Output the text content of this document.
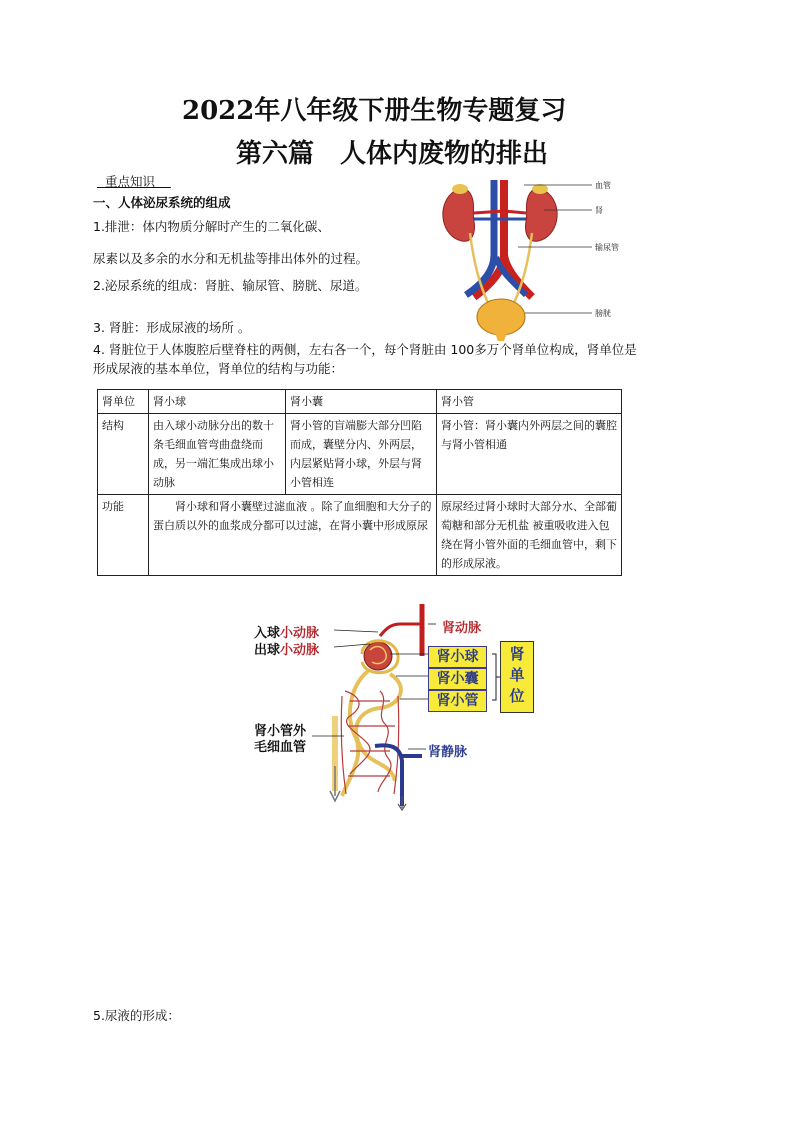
2022年八年级下册生物专题复习
第六篇　人体内废物的排出
重点知识
一、人体泌尿系统的组成
1.排泄：体内物质分解时产生的二氧化碳、
尿素以及多余的水分和无机盐等排出体外的过程。
2.泌尿系统的组成：肾脏、输尿管、膀胱、尿道。
3. 肾脏：形成尿液的场所 。
4. 肾脏位于人体腹腔后壁脊柱的两侧，左右各一个，每个肾脏由 100多万个肾单位构成，肾单位是
形成尿液的基本单位，肾单位的结构与功能：
血管
肾
输尿管
膀胱
肾单位	肾小球	肾小囊	肾小管
结构	由入球小动脉分出的数十条毛细血管弯曲盘绕而成，另一端汇集成出球小动脉	肾小管的盲端膨大部分凹陷而成，囊壁分内、外两层，内层紧贴肾小球，外层与肾小管相连	肾小管：肾小囊内外两层之间的囊腔与肾小管相通
功能	肾小球和肾小囊壁过滤血液 。除了血细胞和大分子的蛋白质以外的血浆成分都可以过滤，在肾小囊中形成原尿		原尿经过肾小球时大部分水、全部葡萄糖和部分无机盐 被重吸收进入包绕在肾小管外面的毛细血管中，剩下的形成尿液。
入球小动脉
出球小动脉
肾动脉
肾小球
肾小囊
肾小管
肾
单
位
肾小管外
毛细血管	肾静脉
5.尿液的形成：
